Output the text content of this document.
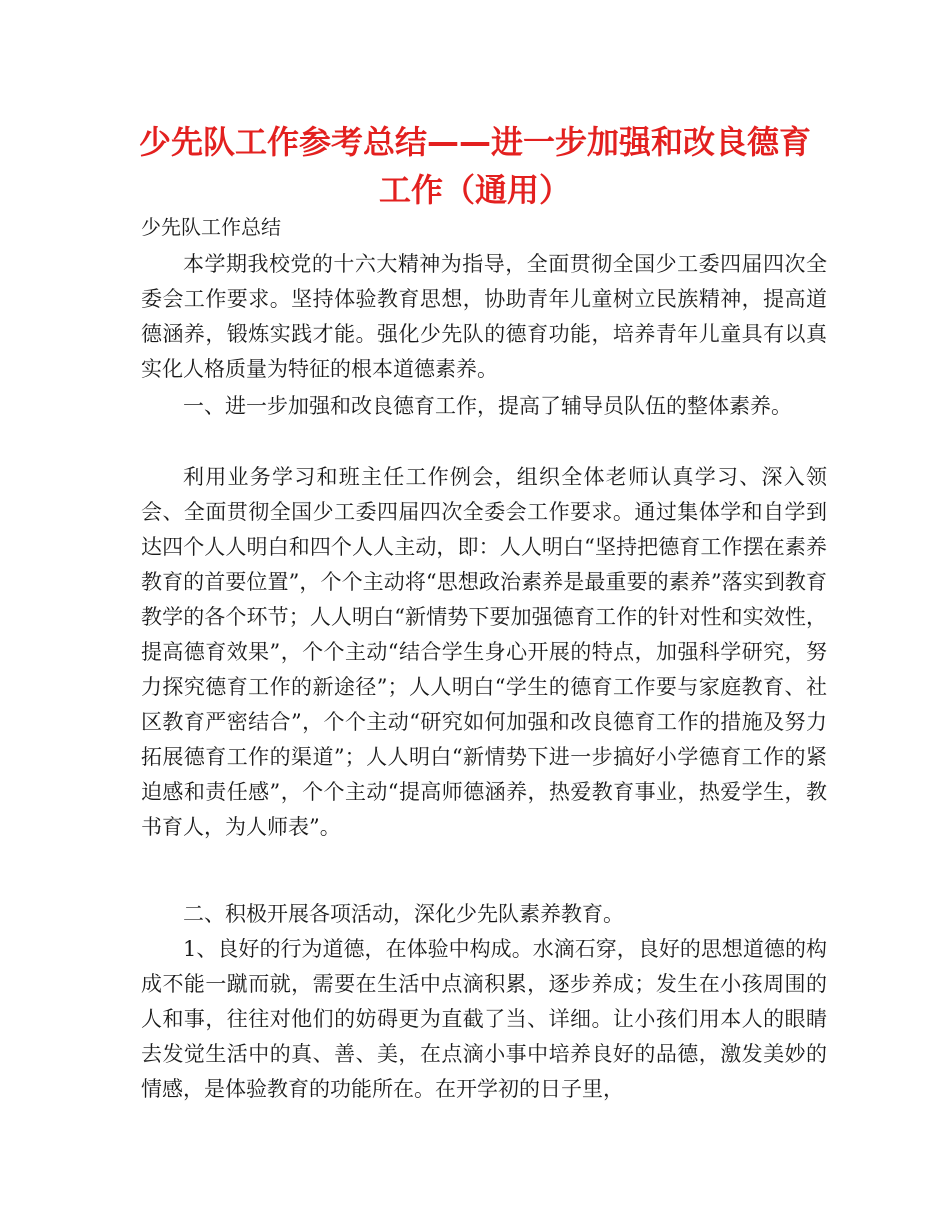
少先队工作参考总结——进一步加强和改良德育工作（通用）

少先队工作总结

本学期我校党的十六大精神为指导，全面贯彻全国少工委四届四次全委会工作要求。坚持体验教育思想，协助青年儿童树立民族精神，提高道德涵养，锻炼实践才能。强化少先队的德育功能，培养青年儿童具有以真实化人格质量为特征的根本道德素养。

一、进一步加强和改良德育工作，提高了辅导员队伍的整体素养。

利用业务学习和班主任工作例会，组织全体老师认真学习、深入领会、全面贯彻全国少工委四届四次全委会工作要求。通过集体学和自学到达四个人人明白和四个人人主动，即：人人明白“坚持把德育工作摆在素养教育的首要位置”，个个主动将“思想政治素养是最重要的素养”落实到教育教学的各个环节；人人明白“新情势下要加强德育工作的针对性和实效性，提高德育效果”，个个主动“结合学生身心开展的特点，加强科学研究，努力探究德育工作的新途径”；人人明白“学生的德育工作要与家庭教育、社区教育严密结合”，个个主动“研究如何加强和改良德育工作的措施及努力拓展德育工作的渠道”；人人明白“新情势下进一步搞好小学德育工作的紧迫感和责任感”，个个主动“提高师德涵养，热爱教育事业，热爱学生，教书育人，为人师表”。

二、积极开展各项活动，深化少先队素养教育。

1、良好的行为道德，在体验中构成。水滴石穿，良好的思想道德的构成不能一蹴而就，需要在生活中点滴积累，逐步养成；发生在小孩周围的人和事，往往对他们的妨碍更为直截了当、详细。让小孩们用本人的眼睛去发觉生活中的真、善、美，在点滴小事中培养良好的品德，激发美妙的情感，是体验教育的功能所在。在开学初的日子里，
